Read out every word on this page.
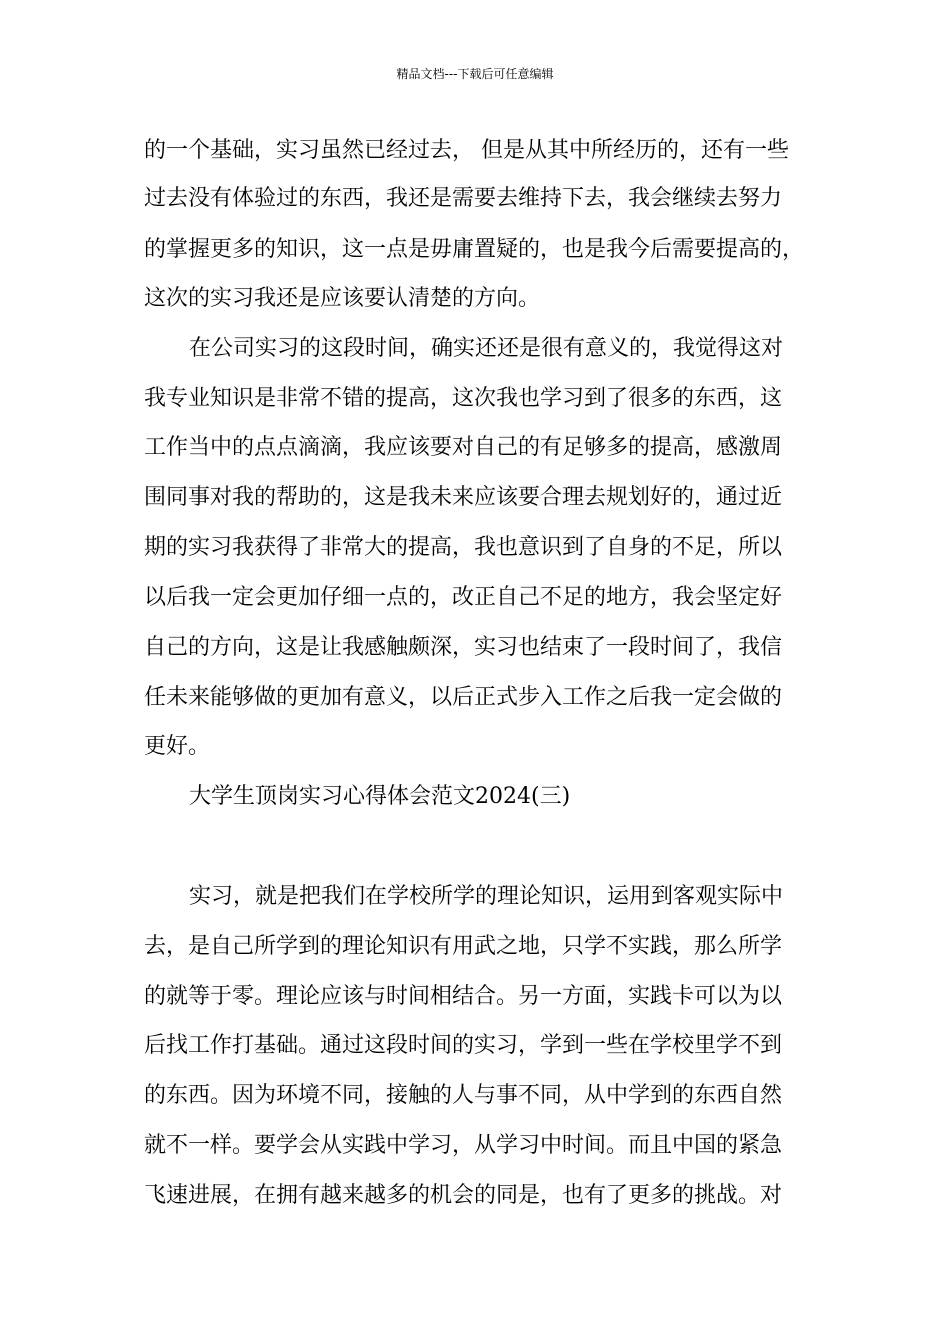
精品文档---下载后可任意编辑
的一个基础，实习虽然已经过去， 但是从其中所经历的，还有一些
过去没有体验过的东西，我还是需要去维持下去，我会继续去努力
的掌握更多的知识，这一点是毋庸置疑的，也是我今后需要提高的，
这次的实习我还是应该要认清楚的方向。
在公司实习的这段时间，确实还还是很有意义的，我觉得这对
我专业知识是非常不错的提高，这次我也学习到了很多的东西，这
工作当中的点点滴滴，我应该要对自己的有足够多的提高，感激周
围同事对我的帮助的，这是我未来应该要合理去规划好的，通过近
期的实习我获得了非常大的提高，我也意识到了自身的不足，所以
以后我一定会更加仔细一点的，改正自己不足的地方，我会坚定好
自己的方向，这是让我感触颇深，实习也结束了一段时间了，我信
任未来能够做的更加有意义，以后正式步入工作之后我一定会做的
更好。
大学生顶岗实习心得体会范文2024(三)
实习，就是把我们在学校所学的理论知识，运用到客观实际中
去，是自己所学到的理论知识有用武之地，只学不实践，那么所学
的就等于零。理论应该与时间相结合。另一方面，实践卡可以为以
后找工作打基础。通过这段时间的实习，学到一些在学校里学不到
的东西。因为环境不同，接触的人与事不同，从中学到的东西自然
就不一样。要学会从实践中学习，从学习中时间。而且中国的紧急
飞速进展，在拥有越来越多的机会的同是，也有了更多的挑战。对
